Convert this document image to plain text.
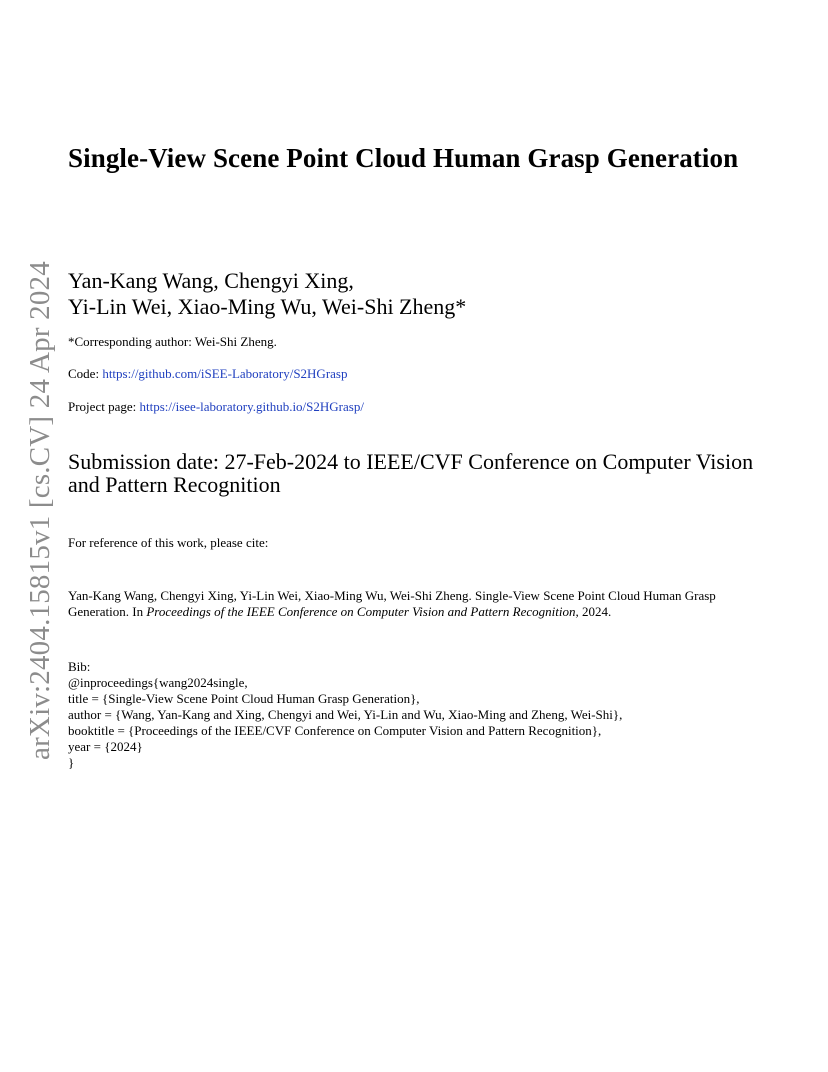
arXiv:2404.15815v1 [cs.CV] 24 Apr 2024
Single-View Scene Point Cloud Human Grasp Generation
Yan-Kang Wang, Chengyi Xing,
Yi-Lin Wei, Xiao-Ming Wu, Wei-Shi Zheng*
*Corresponding author: Wei-Shi Zheng.
Code: https://github.com/iSEE-Laboratory/S2HGrasp
Project page: https://isee-laboratory.github.io/S2HGrasp/
Submission date: 27-Feb-2024 to IEEE/CVF Conference on Computer Vision and Pattern Recognition
For reference of this work, please cite:
Yan-Kang Wang, Chengyi Xing, Yi-Lin Wei, Xiao-Ming Wu, Wei-Shi Zheng. Single-View Scene Point Cloud Human Grasp Generation. In Proceedings of the IEEE Conference on Computer Vision and Pattern Recognition, 2024.
Bib:
@inproceedings{wang2024single,
title = {Single-View Scene Point Cloud Human Grasp Generation},
author = {Wang, Yan-Kang and Xing, Chengyi and Wei, Yi-Lin and Wu, Xiao-Ming and Zheng, Wei-Shi},
booktitle = {Proceedings of the IEEE/CVF Conference on Computer Vision and Pattern Recognition},
year = {2024}
}
